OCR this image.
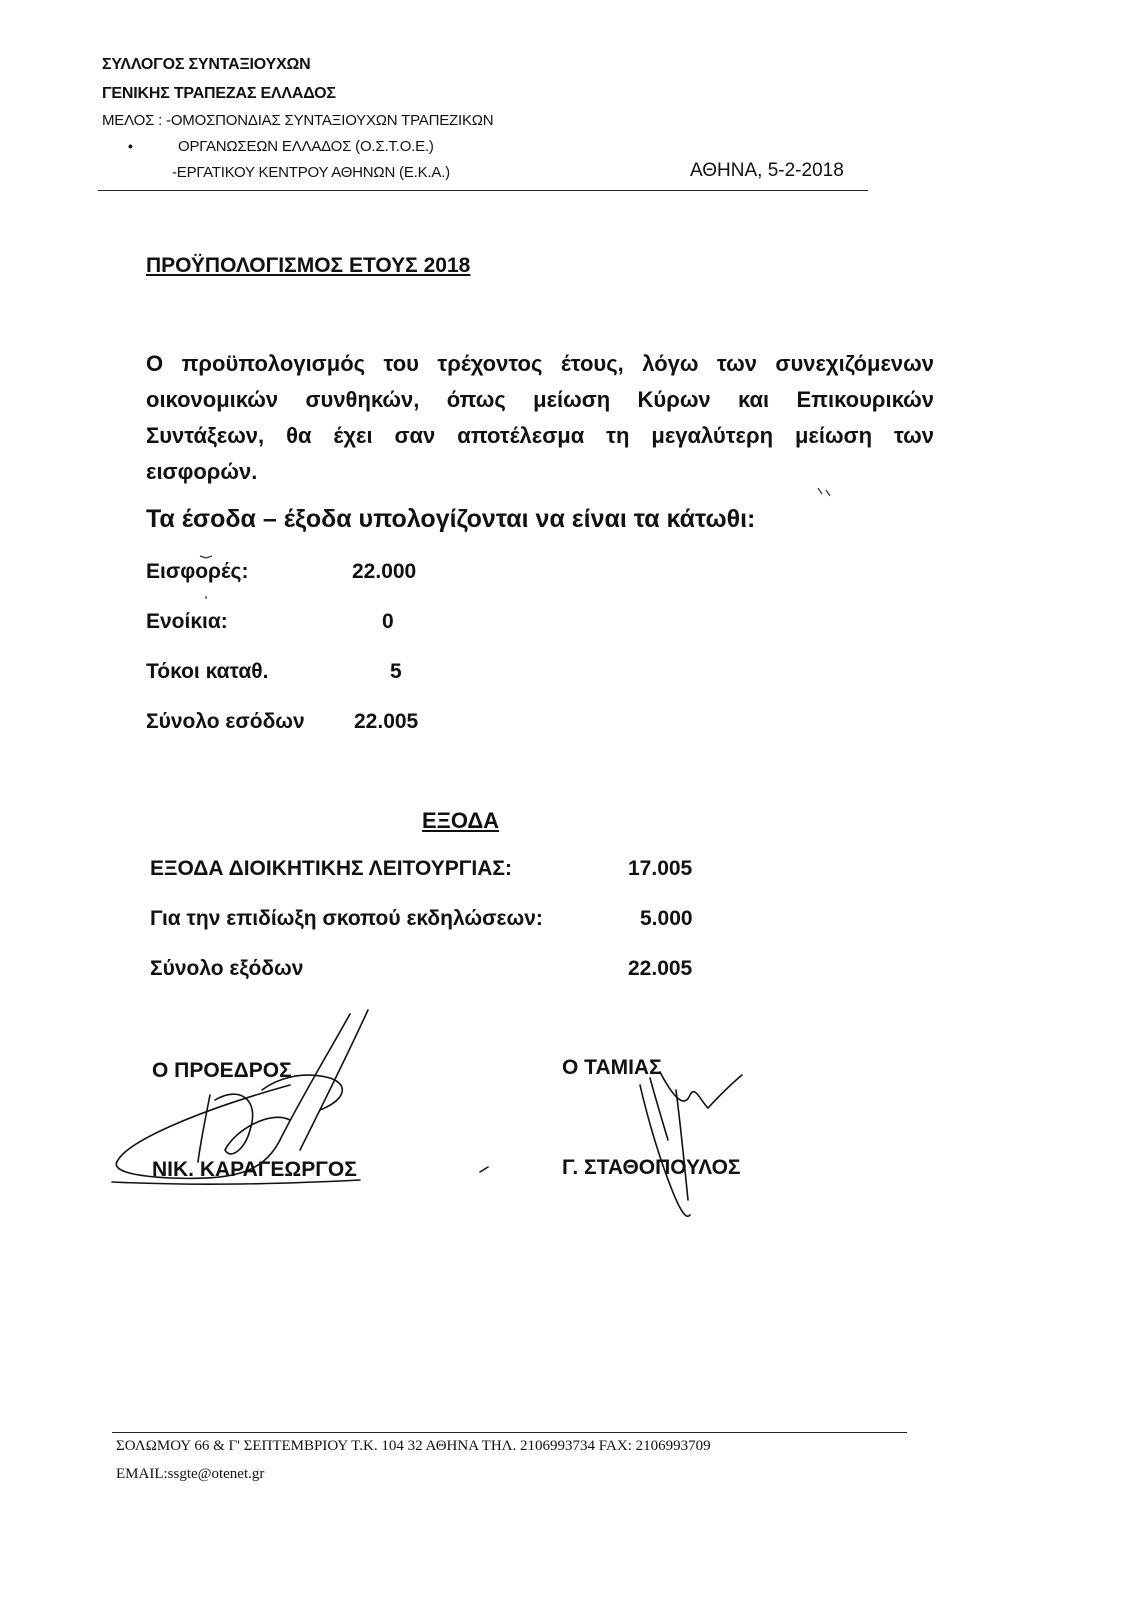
ΣΥΛΛΟΓΟΣ ΣΥΝΤΑΞΙΟΥΧΩΝ
ΓΕΝΙΚΗΣ ΤΡΑΠΕΖΑΣ ΕΛΛΑΔΟΣ
ΜΕΛΟΣ : -ΟΜΟΣΠΟΝΔΙΑΣ ΣΥΝΤΑΞΙΟΥΧΩΝ ΤΡΑΠΕΖΙΚΩΝ
•	ΟΡΓΑΝΩΣΕΩΝ ΕΛΛΑΔΟΣ (Ο.Σ.Τ.Ο.Ε.)
-ΕΡΓΑΤΙΚΟΥ ΚΕΝΤΡΟΥ ΑΘΗΝΩΝ (Ε.Κ.Α.)	ΑΘΗΝΑ, 5-2-2018
ΠΡΟΫΠΟΛΟΓΙΣΜΟΣ ΕΤΟΥΣ 2018
Ο προϋπολογισμός του τρέχοντος έτους, λόγω των συνεχιζόμενων οικονομικών συνθηκών, όπως μείωση Κύρων και Επικουρικών Συντάξεων, θα έχει σαν αποτέλεσμα τη μεγαλύτερη μείωση των εισφορών.
Τα έσοδα – έξοδα υπολογίζονται να είναι τα κάτωθι:
Εισφορές:	22.000
Ενοίκια:	0
Τόκοι καταθ.	5
Σύνολο εσόδων 22.005
ΕΞΟΔΑ
ΕΞΟΔΑ ΔΙΟΙΚΗΤΙΚΗΣ ΛΕΙΤΟΥΡΓΙΑΣ:	17.005
Για την επιδίωξη σκοπού εκδηλώσεων:	5.000
Σύνολο εξόδων	22.005
Ο ΠΡΟΕΔΡΟΣ
ΝΙΚ. ΚΑΡΑΓΕΩΡΓΟΣ
Ο ΤΑΜΙΑΣ
Γ. ΣΤΑΘΟΠΟΥΛΟΣ
ΣΟΛΩΜΟΥ 66 & Γ' ΣΕΠΤΕΜΒΡΙΟΥ Τ.Κ. 104 32 ΑΘΗΝΑ ΤΗΛ. 2106993734 FAX: 2106993709
EMAIL:ssgte@otenet.gr
